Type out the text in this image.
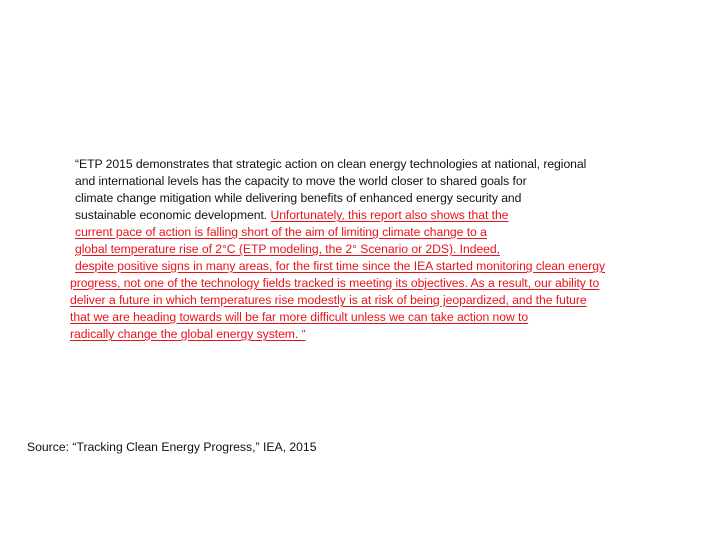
“ETP 2015 demonstrates that strategic action on clean energy technologies at national, regional
and international levels has the capacity to move the world closer to shared goals for
climate change mitigation while delivering benefits of enhanced energy security and
sustainable economic development. Unfortunately, this report also shows that the
current pace of action is falling short of the aim of limiting climate change to a
global temperature rise of 2°C (ETP modeling, the 2° Scenario or 2DS). Indeed,
despite positive signs in many areas, for the first time since the IEA started monitoring clean energy
progress, not one of the technology fields tracked is meeting its objectives. As a result, our ability to
deliver a future in which temperatures rise modestly is at risk of being jeopardized, and the future
that we are heading towards will be far more difficult unless we can take action now to
radically change the global energy system. “
Source: “Tracking Clean Energy Progress,” IEA, 2015
